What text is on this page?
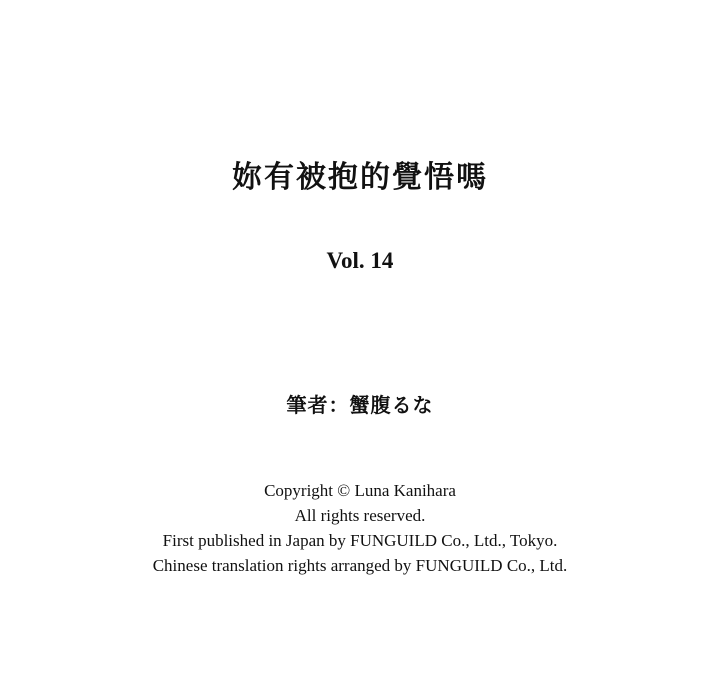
妳有被抱的覺悟嗎
Vol. 14
筆者：蟹腹るな
Copyright © Luna Kanihara
All rights reserved.
First published in Japan by FUNGUILD Co., Ltd., Tokyo.
Chinese translation rights arranged by FUNGUILD Co., Ltd.
